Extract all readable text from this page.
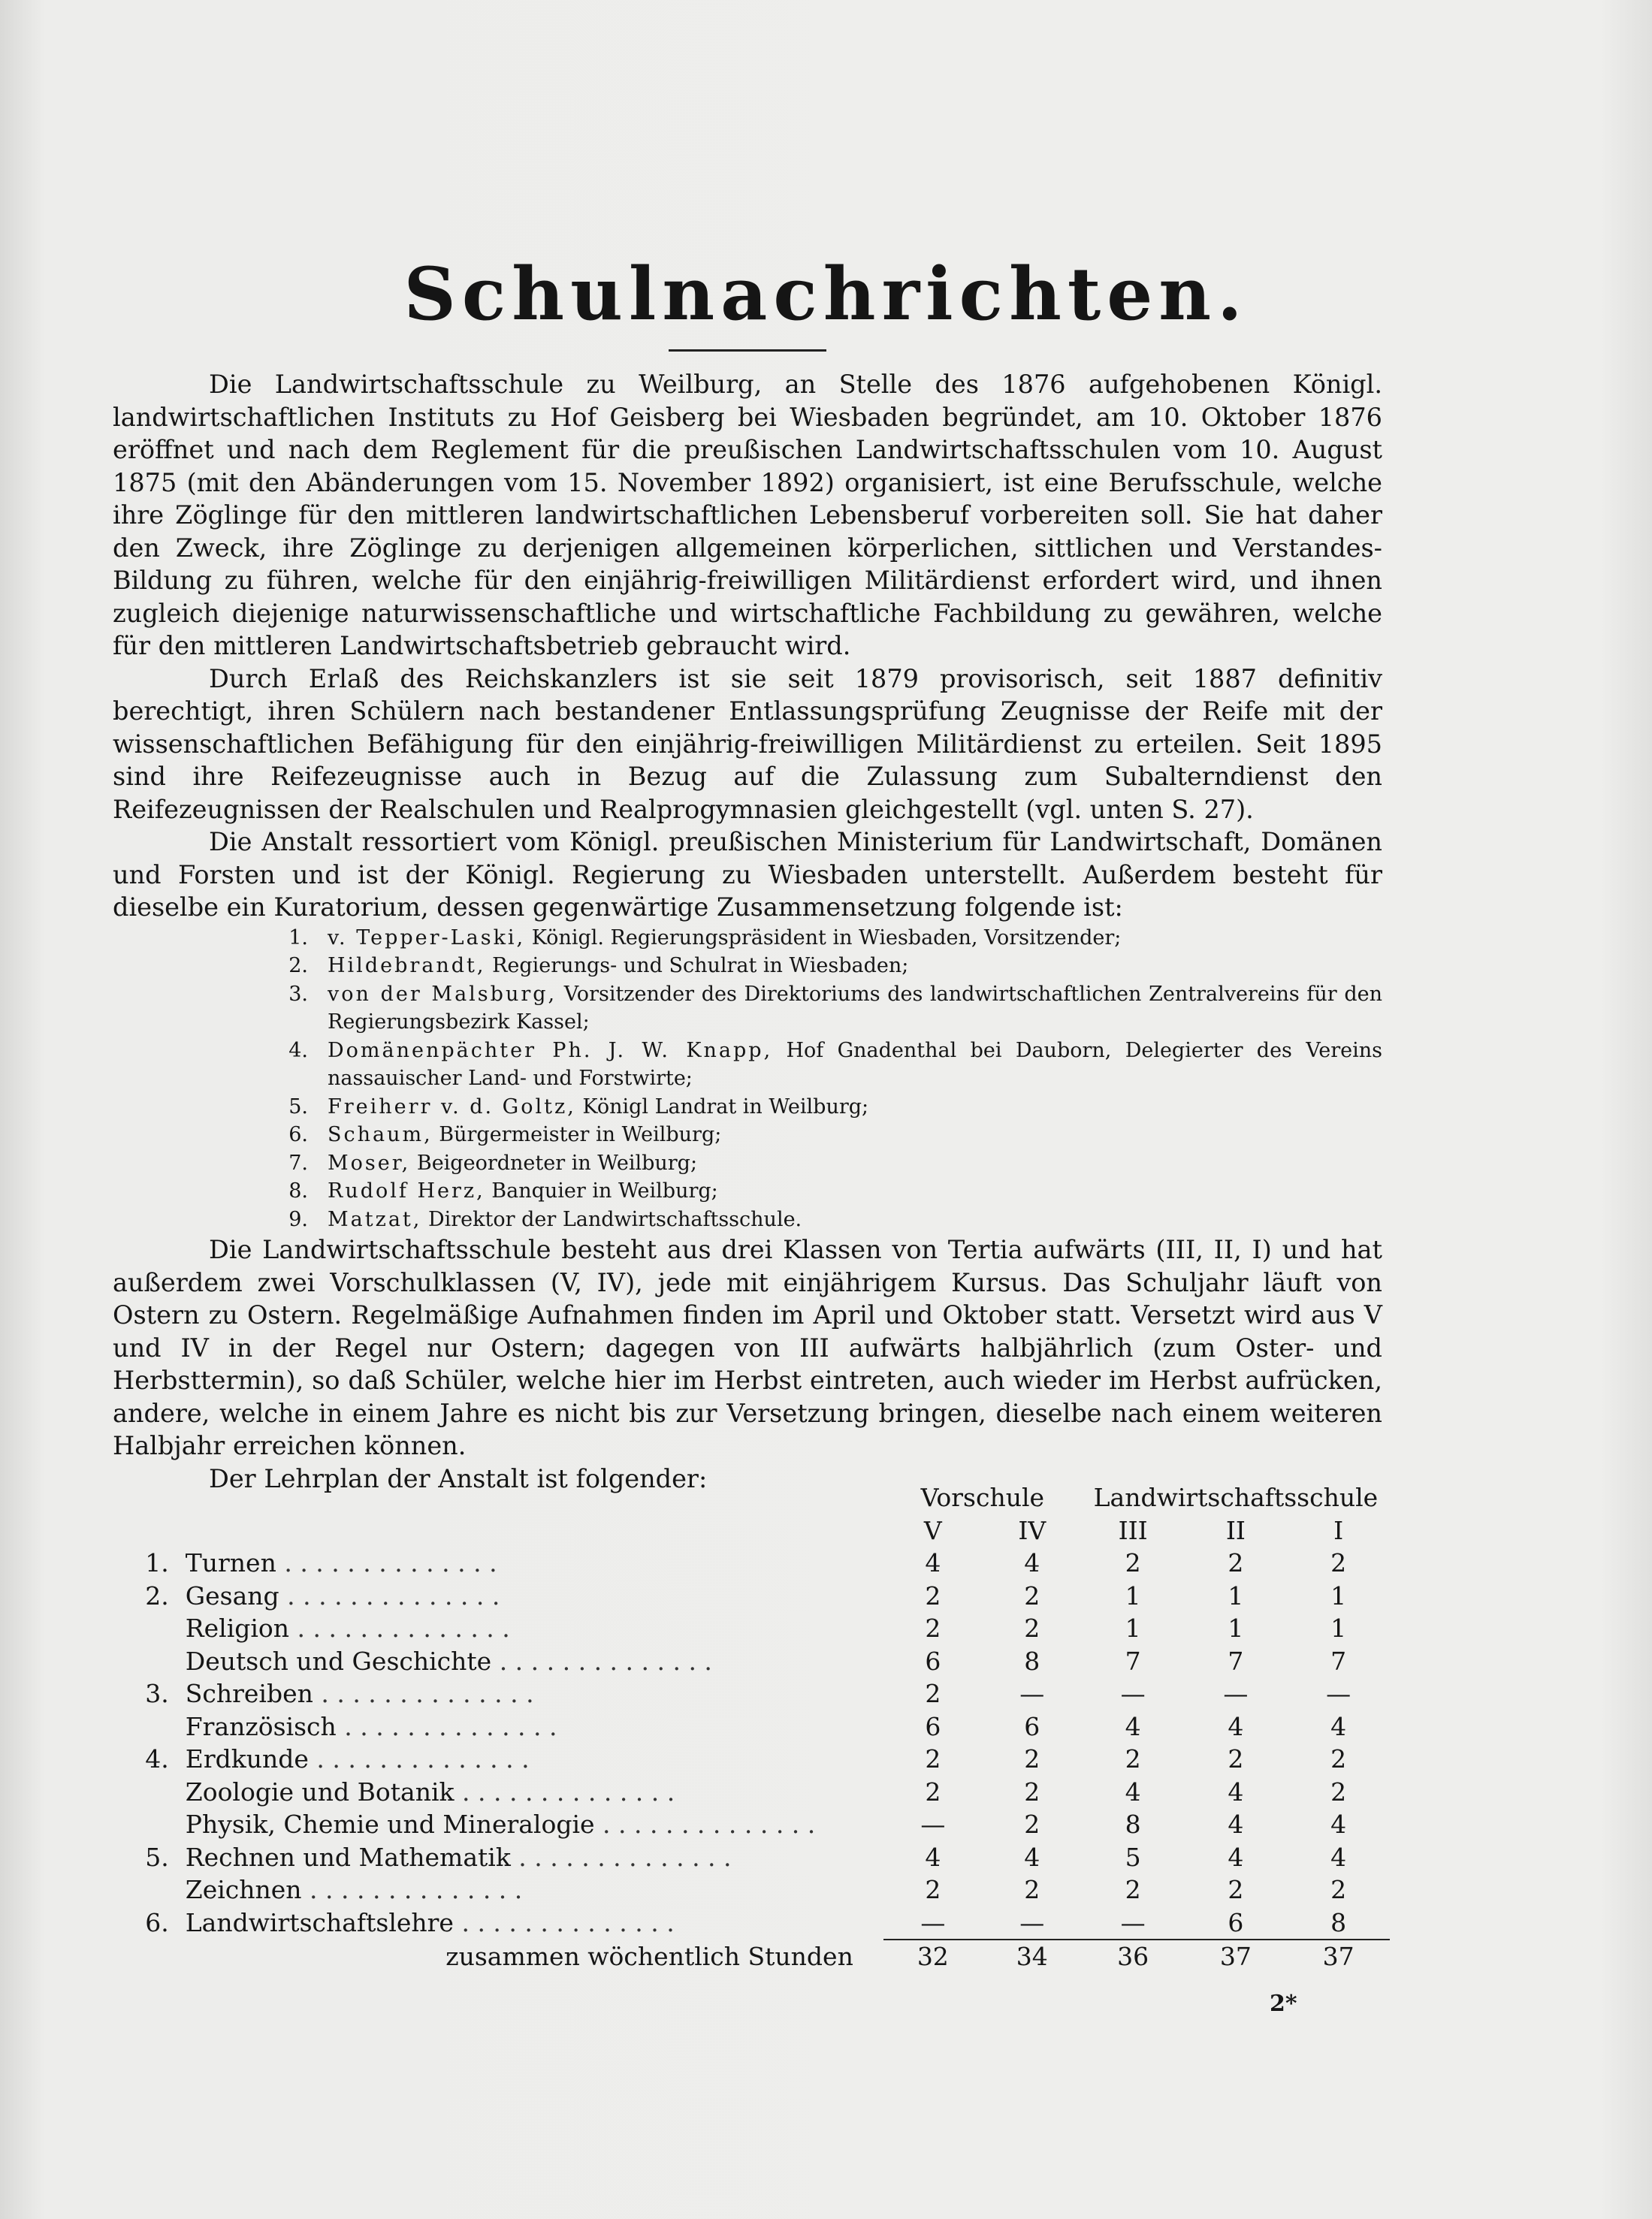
Schulnachrichten.

Die Landwirtschaftsschule zu Weilburg, an Stelle des 1876 aufgehobenen Königl. landwirtschaftlichen Instituts zu Hof Geisberg bei Wiesbaden begründet, am 10. Oktober 1876 eröffnet und nach dem Reglement für die preußischen Landwirtschaftsschulen vom 10. August 1875 (mit den Abänderungen vom 15. November 1892) organisiert, ist eine Berufsschule, welche ihre Zöglinge für den mittleren landwirtschaftlichen Lebensberuf vorbereiten soll. Sie hat daher den Zweck, ihre Zöglinge zu derjenigen allgemeinen körperlichen, sittlichen und Verstandes-Bildung zu führen, welche für den einjährig-freiwilligen Militärdienst erfordert wird, und ihnen zugleich diejenige naturwissenschaftliche und wirtschaftliche Fachbildung zu gewähren, welche für den mittleren Landwirtschaftsbetrieb gebraucht wird.

Durch Erlaß des Reichskanzlers ist sie seit 1879 provisorisch, seit 1887 definitiv berechtigt, ihren Schülern nach bestandener Entlassungsprüfung Zeugnisse der Reife mit der wissenschaftlichen Befähigung für den einjährig-freiwilligen Militärdienst zu erteilen. Seit 1895 sind ihre Reifezeugnisse auch in Bezug auf die Zulassung zum Subalterndienst den Reifezeugnissen der Realschulen und Realprogymnasien gleichgestellt (vgl. unten S. 27).

Die Anstalt ressortiert vom Königl. preußischen Ministerium für Landwirtschaft, Domänen und Forsten und ist der Königl. Regierung zu Wiesbaden unterstellt. Außerdem besteht für dieselbe ein Kuratorium, dessen gegenwärtige Zusammensetzung folgende ist:

1. v. Tepper-Laski, Königl. Regierungspräsident in Wiesbaden, Vorsitzender;
2. Hildebrandt, Regierungs- und Schulrat in Wiesbaden;
3. von der Malsburg, Vorsitzender des Direktoriums des landwirtschaftlichen Zentralvereins für den Regierungsbezirk Kassel;
4. Domänenpächter Ph. J. W. Knapp, Hof Gnadenthal bei Dauborn, Delegierter des Vereins nassauischer Land- und Forstwirte;
5. Freiherr v. d. Goltz, Königl Landrat in Weilburg;
6. Schaum, Bürgermeister in Weilburg;
7. Moser, Beigeordneter in Weilburg;
8. Rudolf Herz, Banquier in Weilburg;
9. Matzat, Direktor der Landwirtschaftsschule.

Die Landwirtschaftsschule besteht aus drei Klassen von Tertia aufwärts (III, II, I) und hat außerdem zwei Vorschulklassen (V, IV), jede mit einjährigem Kursus. Das Schuljahr läuft von Ostern zu Ostern. Regelmäßige Aufnahmen finden im April und Oktober statt. Versetzt wird aus V und IV in der Regel nur Ostern; dagegen von III aufwärts halbjährlich (zum Oster- und Herbsttermin), so daß Schüler, welche hier im Herbst eintreten, auch wieder im Herbst aufrücken, andere, welche in einem Jahre es nicht bis zur Versetzung bringen, dieselbe nach einem weiteren Halbjahr erreichen können.

Der Lehrplan der Anstalt ist folgender:

		Vorschule		Landwirtschaftsschule		
		V	IV	III	II	I
1.	Turnen . . . . . . . . . . . . . .	4	4	2	2	2
2.	Gesang . . . . . . . . . . . . . .	2	2	1	1	1
	Religion . . . . . . . . . . . . . .	2	2	1	1	1
	Deutsch und Geschichte . . . . . . . . . . . . . .	6	8	7	7	7
3.	Schreiben . . . . . . . . . . . . . .	2	—	—	—	—
	Französisch . . . . . . . . . . . . . .	6	6	4	4	4
4.	Erdkunde . . . . . . . . . . . . . .	2	2	2	2	2
	Zoologie und Botanik . . . . . . . . . . . . . .	2	2	4	4	2
	Physik, Chemie und Mineralogie . . . . . . . . . . . . . .	—	2	8	4	4
5.	Rechnen und Mathematik . . . . . . . . . . . . . .	4	4	5	4	4
	Zeichnen . . . . . . . . . . . . . .	2	2	2	2	2
6.	Landwirtschaftslehre . . . . . . . . . . . . . .	—	—	—	6	8
	zusammen wöchentlich Stunden	32	34	36	37	37
2*
